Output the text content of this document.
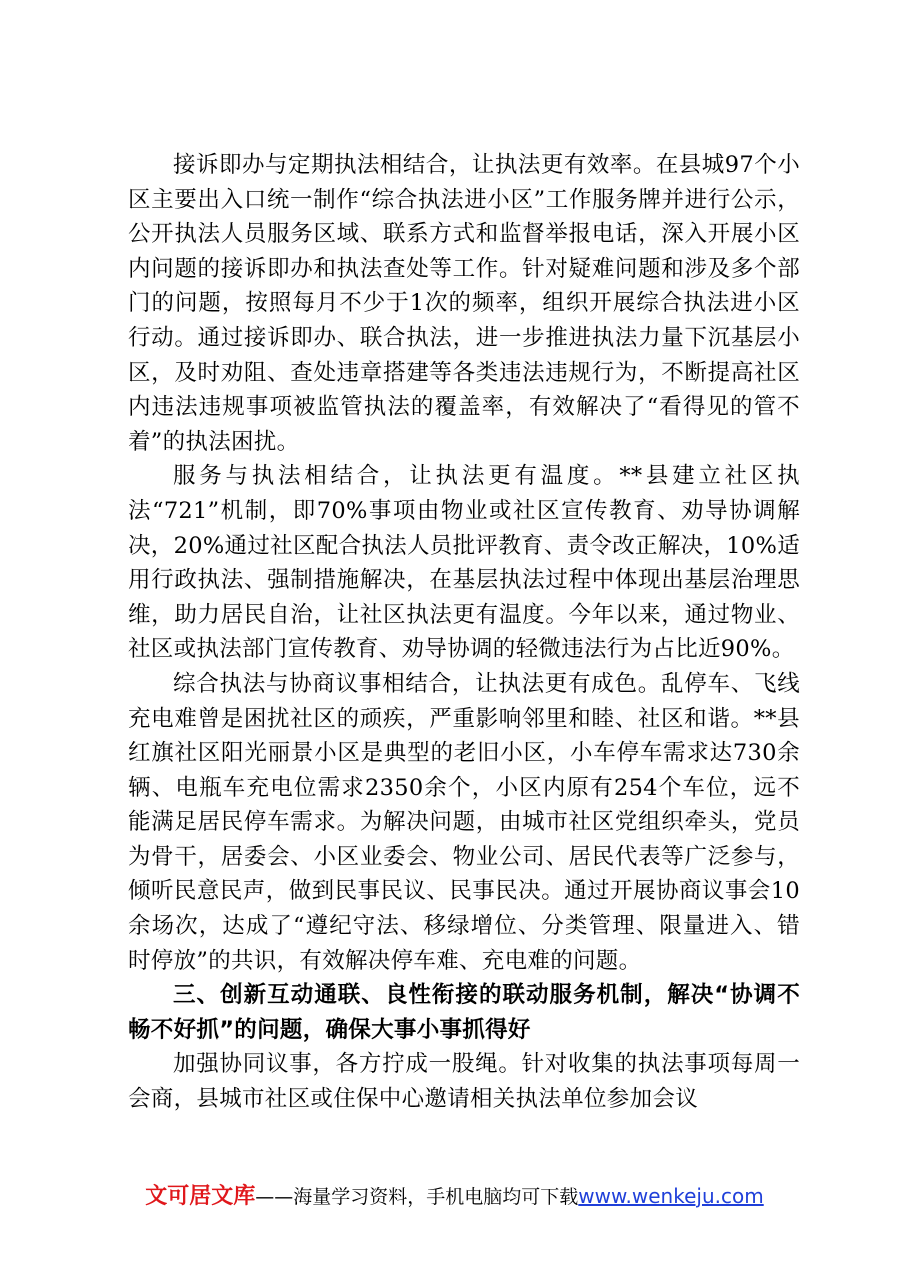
接诉即办与定期执法相结合，让执法更有效率。在县城97个小区主要出入口统一制作“综合执法进小区”工作服务牌并进行公示，公开执法人员服务区域、联系方式和监督举报电话，深入开展小区内问题的接诉即办和执法查处等工作。针对疑难问题和涉及多个部门的问题，按照每月不少于1次的频率，组织开展综合执法进小区行动。通过接诉即办、联合执法，进一步推进执法力量下沉基层小区，及时劝阻、查处违章搭建等各类违法违规行为，不断提高社区内违法违规事项被监管执法的覆盖率，有效解决了“看得见的管不着”的执法困扰。

服务与执法相结合，让执法更有温度。**县建立社区执法“721”机制，即70%事项由物业或社区宣传教育、劝导协调解决，20%通过社区配合执法人员批评教育、责令改正解决，10%适用行政执法、强制措施解决，在基层执法过程中体现出基层治理思维，助力居民自治，让社区执法更有温度。今年以来，通过物业、社区或执法部门宣传教育、劝导协调的轻微违法行为占比近90%。

综合执法与协商议事相结合，让执法更有成色。乱停车、飞线充电难曾是困扰社区的顽疾，严重影响邻里和睦、社区和谐。**县红旗社区阳光丽景小区是典型的老旧小区，小车停车需求达730余辆、电瓶车充电位需求2350余个，小区内原有254个车位，远不能满足居民停车需求。为解决问题，由城市社区党组织牵头，党员为骨干，居委会、小区业委会、物业公司、居民代表等广泛参与，倾听民意民声，做到民事民议、民事民决。通过开展协商议事会10余场次，达成了“遵纪守法、移绿增位、分类管理、限量进入、错时停放”的共识，有效解决停车难、充电难的问题。

三、创新互动通联、良性衔接的联动服务机制，解决“协调不畅不好抓”的问题，确保大事小事抓得好

加强协同议事，各方拧成一股绳。针对收集的执法事项每周一会商，县城市社区或住保中心邀请相关执法单位参加会议

文可居文库——海量学习资料，手机电脑均可下载www.wenkeju.com
